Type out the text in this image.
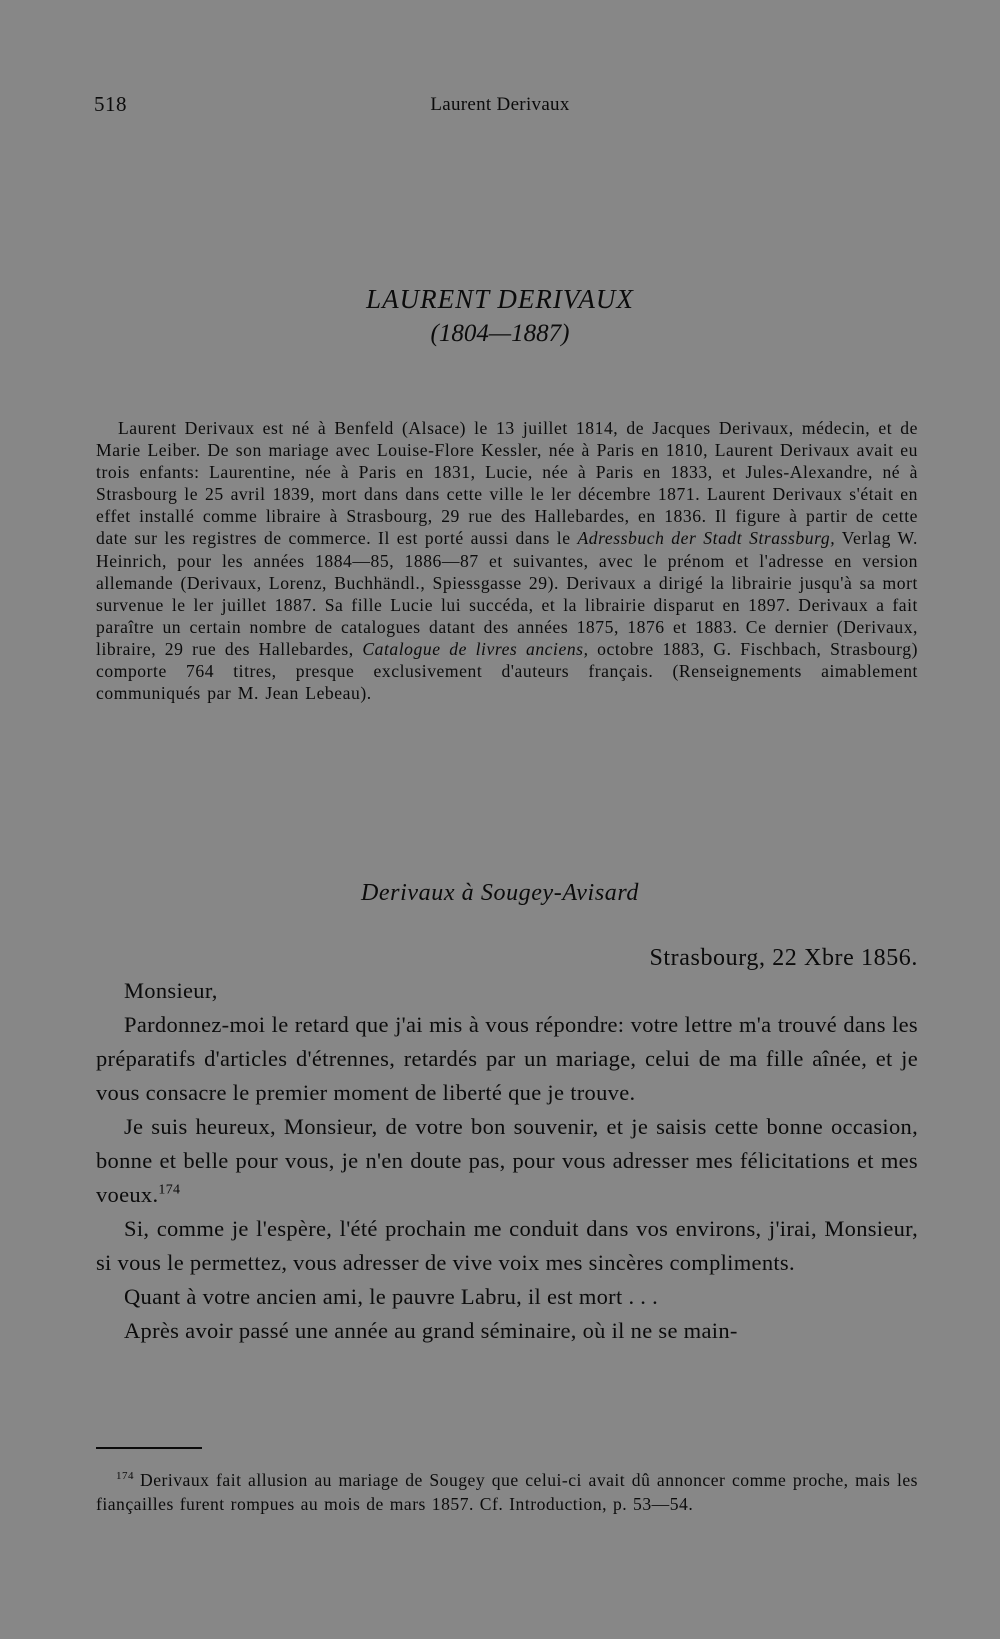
518	Laurent Derivaux
LAURENT DERIVAUX
(1804—1887)

Laurent Derivaux est né à Benfeld (Alsace) le 13 juillet 1814, de Jacques Derivaux, médecin, et de Marie Leiber. De son mariage avec Louise-Flore Kessler, née à Paris en 1810, Laurent Derivaux avait eu trois enfants: Laurentine, née à Paris en 1831, Lucie, née à Paris en 1833, et Jules-Alexandre, né à Strasbourg le 25 avril 1839, mort dans dans cette ville le ler décembre 1871. Laurent Derivaux s'était en effet installé comme libraire à Strasbourg, 29 rue des Hallebardes, en 1836. Il figure à partir de cette date sur les registres de commerce. Il est porté aussi dans le Adressbuch der Stadt Strassburg, Verlag W. Heinrich, pour les années 1884—85, 1886—87 et suivantes, avec le prénom et l'adresse en version allemande (Derivaux, Lorenz, Buchhändl., Spiessgasse 29). Derivaux a dirigé la librairie jusqu'à sa mort survenue le ler juillet 1887. Sa fille Lucie lui succéda, et la librairie disparut en 1897. Derivaux a fait paraître un certain nombre de catalogues datant des années 1875, 1876 et 1883. Ce dernier (Derivaux, libraire, 29 rue des Hallebardes, Catalogue de livres anciens, octobre 1883, G. Fischbach, Strasbourg) comporte 764 titres, presque exclusivement d'auteurs français. (Renseignements aimablement communiqués par M. Jean Lebeau).

Derivaux à Sougey-Avisard
Strasbourg, 22 Xbre 1856.

Monsieur,

Pardonnez-moi le retard que j'ai mis à vous répondre: votre lettre m'a trouvé dans les préparatifs d'articles d'étrennes, retardés par un mariage, celui de ma fille aînée, et je vous consacre le premier moment de liberté que je trouve.

Je suis heureux, Monsieur, de votre bon souvenir, et je saisis cette bonne occasion, bonne et belle pour vous, je n'en doute pas, pour vous adresser mes félicitations et mes voeux.$^{174}$

Si, comme je l'espère, l'été prochain me conduit dans vos environs, j'irai, Monsieur, si vous le permettez, vous adresser de vive voix mes sincères compliments.

Quant à votre ancien ami, le pauvre Labru, il est mort . . .

Après avoir passé une année au grand séminaire, où il ne se main-

$^{174}$ Derivaux fait allusion au mariage de Sougey que celui-ci avait dû annoncer comme proche, mais les fiançailles furent rompues au mois de mars 1857. Cf. Introduction, p. 53—54.
